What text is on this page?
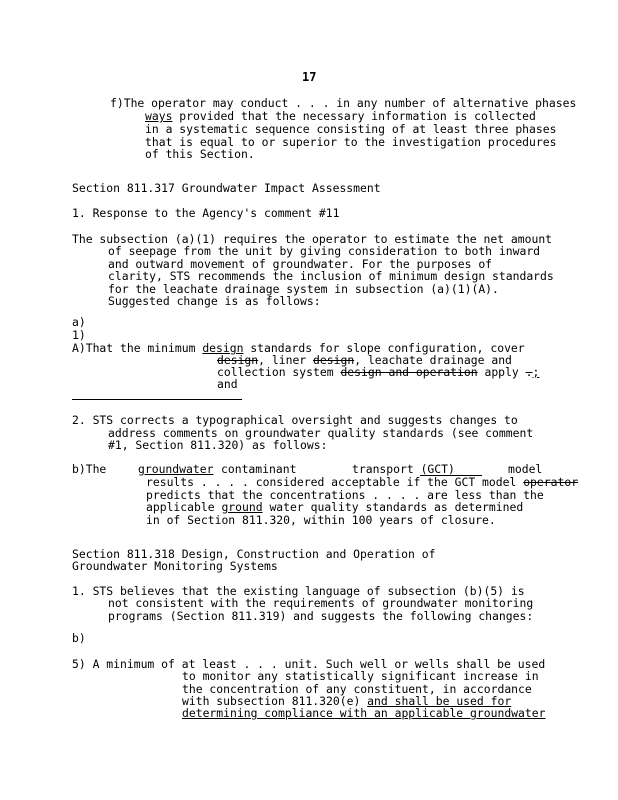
17
f)The operator may conduct . . . in any number of alternative phases
ways provided that the necessary information is collected
in a systematic sequence consisting of at least three phases
that is equal to or superior to the investigation procedures
of this Section.
Section 811.317 Groundwater Impact Assessment
1. Response to the Agency's comment #11
The subsection (a)(1) requires the operator to estimate the net amount
of seepage from the unit by giving consideration to both inward
and outward movement of groundwater. For the purposes of
clarity, STS recommends the inclusion of minimum design standards
for the leachate drainage system in subsection (a)(1)(A).
Suggested change is as follows:
a)
1)
A)That the minimum design standards for slope configuration, cover
design, liner design, leachate drainage and
collection system design and operation apply .;
and
2. STS corrects a typographical oversight and suggests changes to
address comments on groundwater quality standards (see comment
#1, Section 811.320) as follows:
b)The	groundwater contaminant	transport (GCT)	model
results . . . . considered acceptable if the GCT model operator
predicts that the concentrations . . . . are less than the
applicable ground water quality standards as determined
in of Section 811.320, within 100 years of closure.
Section 811.318 Design, Construction and Operation of
Groundwater Monitoring Systems
1. STS believes that the existing language of subsection (b)(5) is
not consistent with the requirements of groundwater monitoring
programs (Section 811.319) and suggests the following changes:
b)
5) A minimum of at least . . . unit. Such well or wells shall be used
to monitor any statistically significant increase in
the concentration of any constituent, in accordance
with subsection 811.320(e) and shall be used for
determining compliance with an applicable groundwater
